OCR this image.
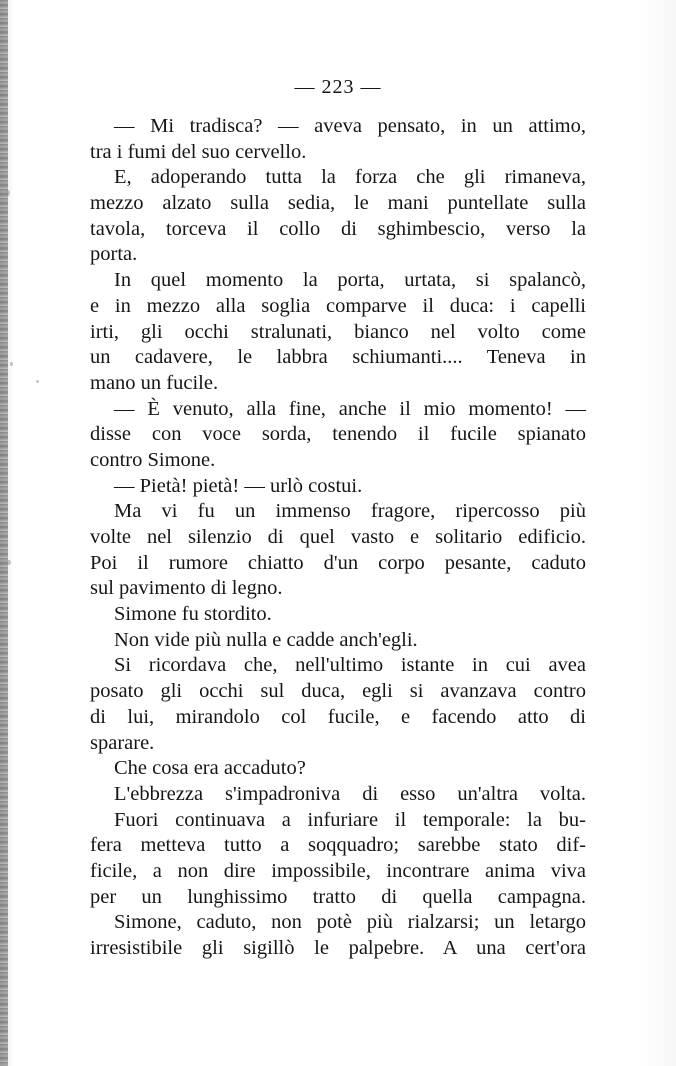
— 223 —
— Mi tradisca? — aveva pensato, in un attimo,
tra i fumi del suo cervello.
E, adoperando tutta la forza che gli rimaneva,
mezzo alzato sulla sedia, le mani puntellate sulla
tavola, torceva il collo di sghimbescio, verso la
porta.
In quel momento la porta, urtata, si spalancò,
e in mezzo alla soglia comparve il duca: i capelli
irti, gli occhi stralunati, bianco nel volto come
un cadavere, le labbra schiumanti.... Teneva in
mano un fucile.
— È venuto, alla fine, anche il mio momento! —
disse con voce sorda, tenendo il fucile spianato
contro Simone.
— Pietà! pietà! — urlò costui.
Ma vi fu un immenso fragore, ripercosso più
volte nel silenzio di quel vasto e solitario edificio.
Poi il rumore chiatto d'un corpo pesante, caduto
sul pavimento di legno.
Simone fu stordito.
Non vide più nulla e cadde anch'egli.
Si ricordava che, nell'ultimo istante in cui avea
posato gli occhi sul duca, egli si avanzava contro
di lui, mirandolo col fucile, e facendo atto di
sparare.
Che cosa era accaduto?
L'ebbrezza s'impadroniva di esso un'altra volta.
Fuori continuava a infuriare il temporale: la bu-
fera metteva tutto a soqquadro; sarebbe stato dif-
ficile, a non dire impossibile, incontrare anima viva
per un lunghissimo tratto di quella campagna.
Simone, caduto, non potè più rialzarsi; un letargo
irresistibile gli sigillò le palpebre. A una cert'ora
